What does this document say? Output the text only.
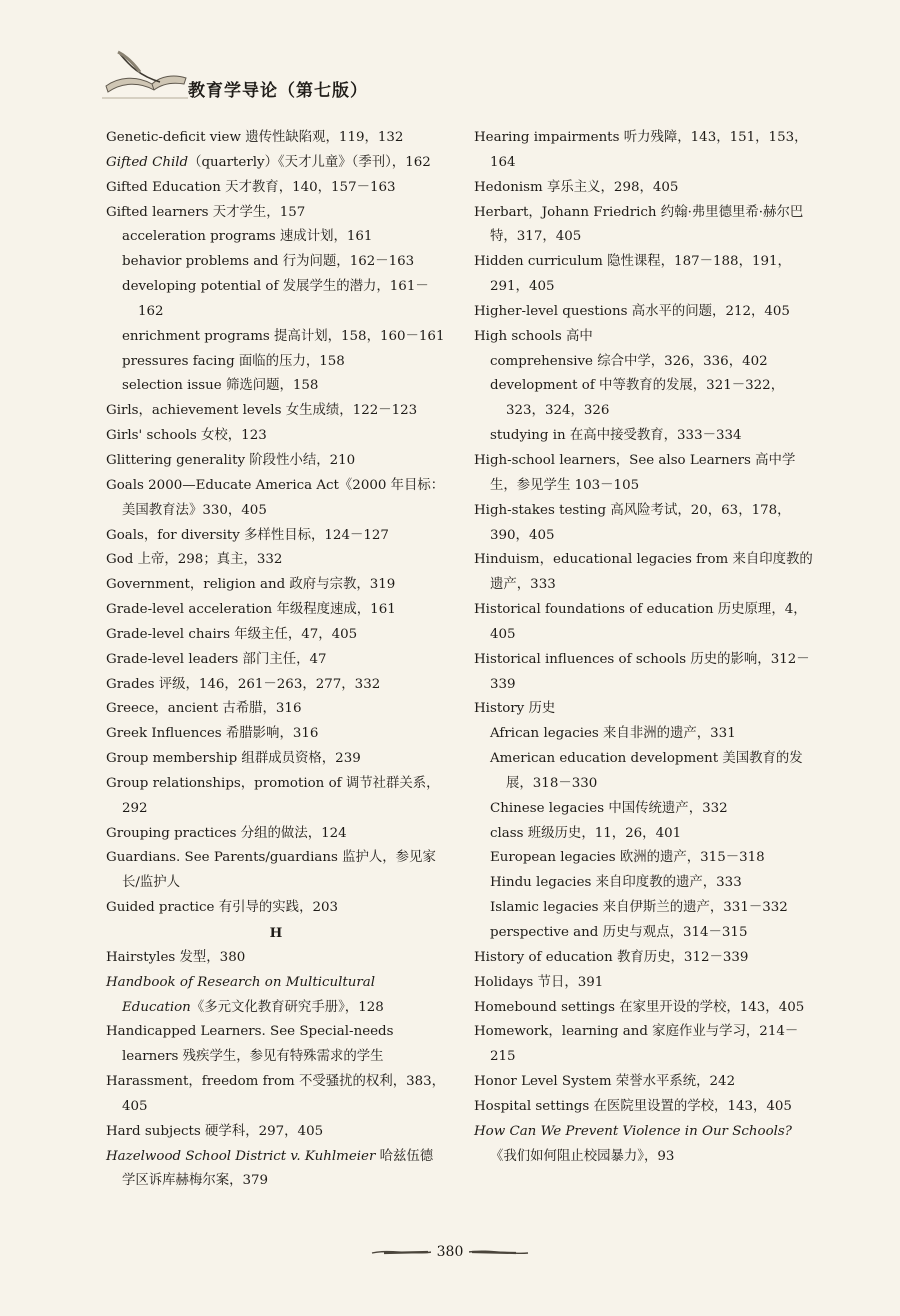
教育学导论（第七版）

Genetic-deficit view 遗传性缺陷观，119，132

Gifted Child（quarterly）《天才儿童》（季刊），162

Gifted Education 天才教育，140，157－163

Gifted learners 天才学生，157

acceleration programs 速成计划，161

behavior problems and 行为问题，162－163

developing potential of 发展学生的潜力，161－162

enrichment programs 提高计划，158，160－161

pressures facing 面临的压力，158

selection issue 筛选问题，158

Girls，achievement levels 女生成绩，122－123

Girls' schools 女校，123

Glittering generality 阶段性小结，210

Goals 2000—Educate America Act《2000 年目标：美国教育法》330，405

Goals，for diversity 多样性目标，124－127

God 上帝，298；真主，332

Government，religion and 政府与宗教，319

Grade-level acceleration 年级程度速成，161

Grade-level chairs 年级主任，47，405

Grade-level leaders 部门主任，47

Grades 评级，146，261－263，277，332

Greece，ancient 古希腊，316

Greek Influences 希腊影响，316

Group membership 组群成员资格，239

Group relationships，promotion of 调节社群关系，292

Grouping practices 分组的做法，124

Guardians. See Parents/guardians 监护人，参见家长/监护人

Guided practice 有引导的实践，203

H

Hairstyles 发型，380

Handbook of Research on Multicultural Education《多元文化教育研究手册》，128

Handicapped Learners. See Special-needs learners 残疾学生，参见有特殊需求的学生

Harassment，freedom from 不受骚扰的权利，383，405

Hard subjects 硬学科，297，405

Hazelwood School District v. Kuhlmeier 哈兹伍德学区诉库赫梅尔案，379

Hearing impairments 听力残障，143，151，153，164

Hedonism 享乐主义，298，405

Herbart，Johann Friedrich 约翰·弗里德里希·赫尔巴特，317，405

Hidden curriculum 隐性课程，187－188，191，291，405

Higher-level questions 高水平的问题，212，405

High schools 高中

comprehensive 综合中学，326，336，402

development of 中等教育的发展，321－322，323，324，326

studying in 在高中接受教育，333－334

High-school learners，See also Learners 高中学生，参见学生 103－105

High-stakes testing 高风险考试，20，63，178，390，405

Hinduism，educational legacies from 来自印度教的遗产，333

Historical foundations of education 历史原理，4，405

Historical influences of schools 历史的影响，312－339

History 历史

African legacies 来自非洲的遗产，331

American education development 美国教育的发展，318－330

Chinese legacies 中国传统遗产，332

class 班级历史，11，26，401

European legacies 欧洲的遗产，315－318

Hindu legacies 来自印度教的遗产，333

Islamic legacies 来自伊斯兰的遗产，331－332

perspective and 历史与观点，314－315

History of education 教育历史，312－339

Holidays 节日，391

Homebound settings 在家里开设的学校，143，405

Homework，learning and 家庭作业与学习，214－215

Honor Level System 荣誉水平系统，242

Hospital settings 在医院里设置的学校，143，405

How Can We Prevent Violence in Our Schools?《我们如何阻止校园暴力》，93

380
